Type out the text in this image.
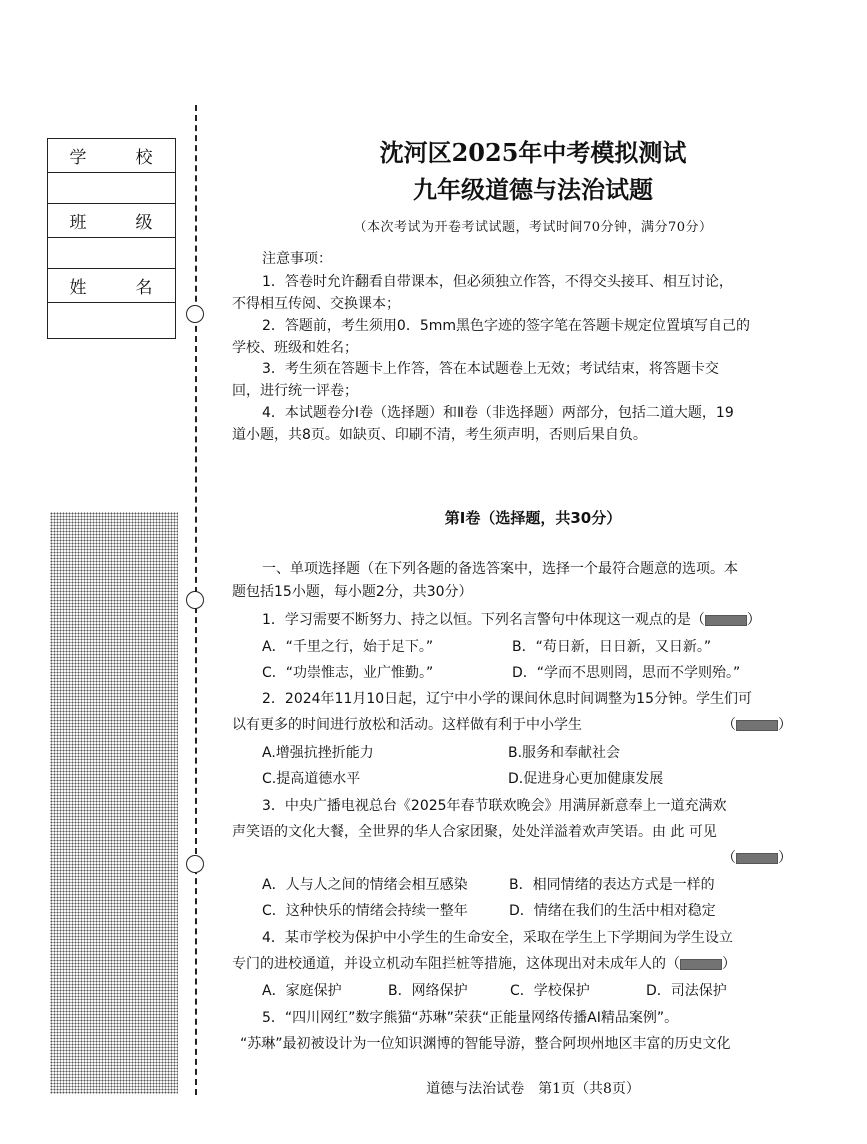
学	校
班	级
姓	名
沈河区2025年中考模拟测试
九年级道德与法治试题
（本次考试为开卷考试试题，考试时间70分钟，满分70分）
注意事项：
1．答卷时允许翻看自带课本，但必须独立作答，不得交头接耳、相互讨论，
不得相互传阅、交换课本；
2．答题前，考生须用0．5mm黑色字迹的签字笔在答题卡规定位置填写自己的
学校、班级和姓名；
3．考生须在答题卡上作答，答在本试题卷上无效；考试结束，将答题卡交
回，进行统一评卷；
4．本试题卷分Ⅰ卷（选择题）和Ⅱ卷（非选择题）两部分，包括二道大题，19
道小题，共8页。如缺页、印刷不清，考生须声明，否则后果自负。
第Ⅰ卷（选择题，共30分）
一、单项选择题（在下列各题的备选答案中，选择一个最符合题意的选项。本
题包括15小题，每小题2分，共30分）
1．学习需要不断努力、持之以恒。下列名言警句中体现这一观点的是（	）
A．“千里之行，始于足下。”	B．“苟日新，日日新，又日新。”
C．“功崇惟志，业广惟勤。”	D．“学而不思则罔，思而不学则殆。”
2．2024年11月10日起，辽宁中小学的课间休息时间调整为15分钟。学生们可
以有更多的时间进行放松和活动。这样做有利于中小学生	（	）
A.增强抗挫折能力	B.服务和奉献社会
C.提高道德水平	D.促进身心更加健康发展
3．中央广播电视总台《2025年春节联欢晚会》用满屏新意奉上一道充满欢
声笑语的文化大餐，全世界的华人合家团聚，处处洋溢着欢声笑语。由 此 可见
（	）
A．人与人之间的情绪会相互感染	B．相同情绪的表达方式是一样的
C．这种快乐的情绪会持续一整年	D．情绪在我们的生活中相对稳定
4．某市学校为保护中小学生的生命安全，采取在学生上下学期间为学生设立
专门的进校通道，并设立机动车阻拦桩等措施，这体现出对未成年人的（	）
A．家庭保护	B．网络保护	C．学校保护	D．司法保护
5．“四川网红”数字熊猫“苏琳”荣获“正能量网络传播AI精品案例”。
“苏琳”最初被设计为一位知识渊博的智能导游，整合阿坝州地区丰富的历史文化
道德与法治试卷　第1页（共8页）
